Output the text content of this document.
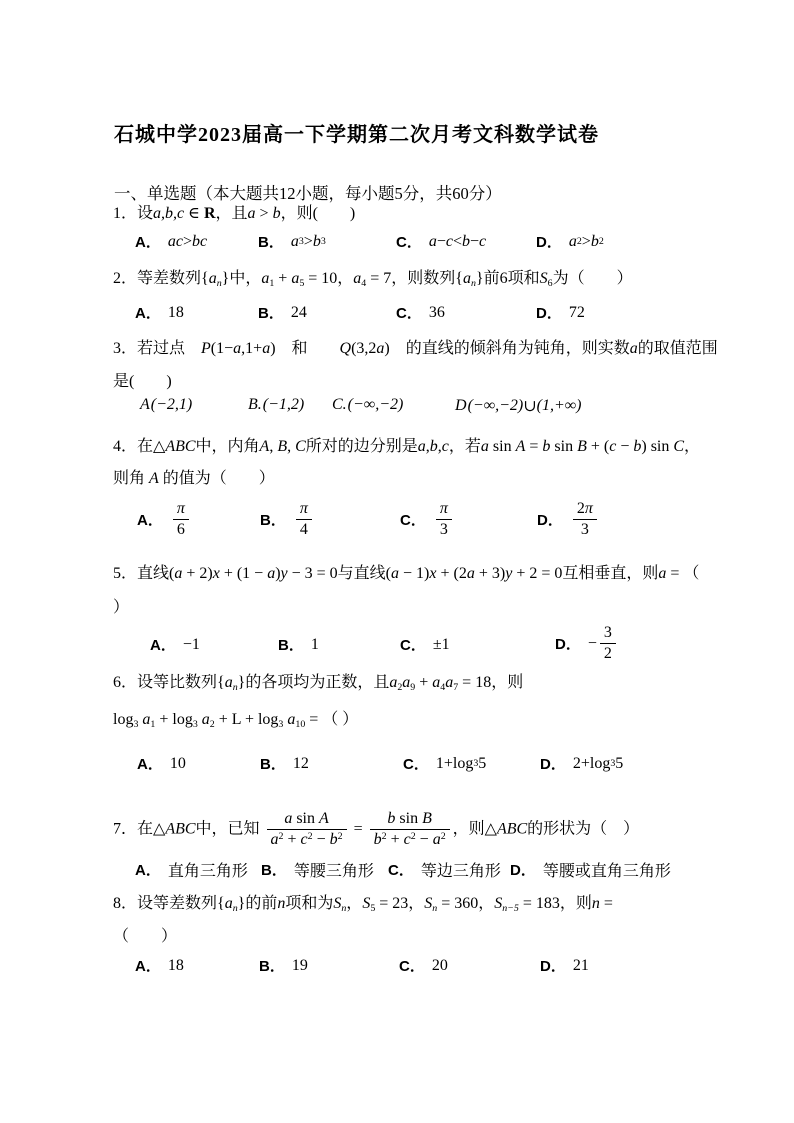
石城中学2023届高一下学期第二次月考文科数学试卷
一、单选题（本大题共12小题，每小题5分，共60分）
1．设a,b,c ∈ R，且a > b，则(　　)
A． ac > bc	B． a 3 > b 3	C． a − c < b − c	D． a 2 > b 2
2．等差数列{an}中，a1 + a5 = 10，a4 = 7，则数列{an}前6项和S6为（　　）
A． 18	B． 24	C． 36	D． 72
3．若过点　P(1−a,1+a)　和　　Q(3,2a)　的直线的倾斜角为钝角，则实数a的取值范围
是(　　)
A (−2,1)	B. (−1,2) C. (−∞,−2)	D (−∞,−2) ∪ (1,+∞)
4．在△ABC中，内角A, B, C所对的边分别是a,b,c，若a sin A = b sin B + (c − b) sin C，
则角 A 的值为（　　）
A． $\frac{\pi}{6}$	B． $\frac{\pi}{4}$	C． $\frac{\pi}{3}$	D． $\frac{2\pi}{3}$
5．直线(a + 2)x + (1 − a)y − 3 = 0与直线(a − 1)x + (2a + 3)y + 2 = 0互相垂直，则a = （
）
A． −1	B． 1	C． ±1	D． − $\frac{3}{2}$
6．设等比数列{an}的各项均为正数，且a2a9 + a4a7 = 18，则
log3 a1 + log3 a2 + L + log3 a10 = （ ）
A． 10	B． 12	C． 1+log 3 5	D． 2+log 3 5
7．在△ABC中，已知 $\frac{\text{a sin A}}{a^2 + c^2 - b^2} = \frac{\text{b sin B}}{b^2 + c^2 - a^2}$ ，则△ABC的形状为（　）
A． 直角三角形 B． 等腰三角形 C． 等边三角形 D． 等腰或直角三角形
8．设等差数列{an}的前n项和为Sn，S5 = 23，Sn = 360，Sn−5 = 183，则n =
（　　）
A． 18	B． 19	C． 20	D． 21
